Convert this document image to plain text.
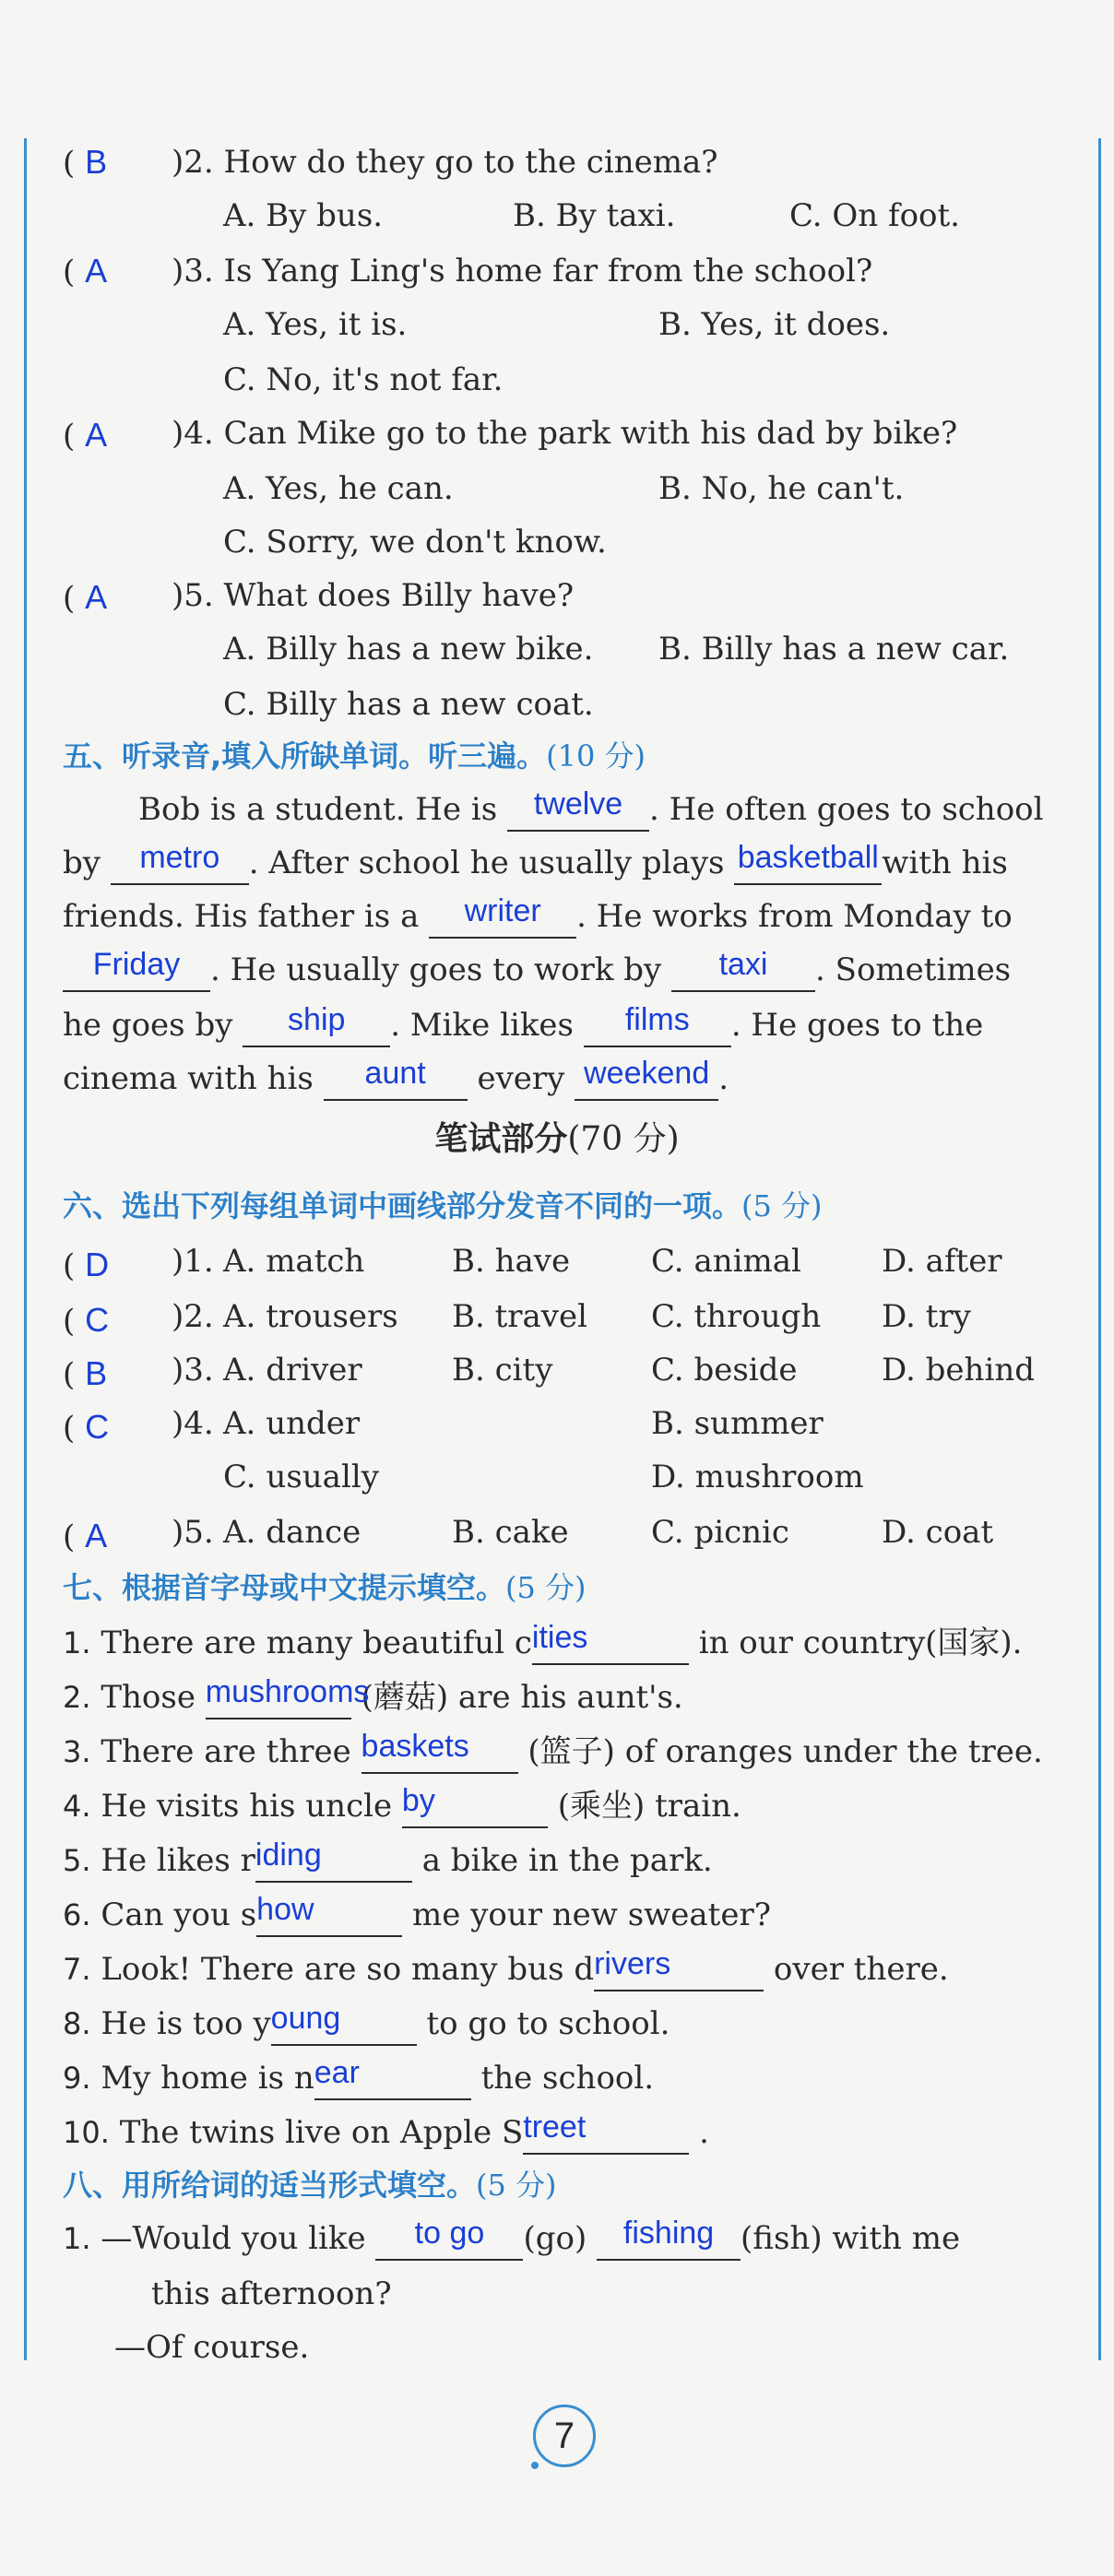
( B )2. How do they go to the cinema?
A. By bus.	B. By taxi.	C. On foot.
( A )3. Is Yang Ling's home far from the school?
A. Yes, it is.	B. Yes, it does.
C. No, it's not far.
( A )4. Can Mike go to the park with his dad by bike?
A. Yes, he can.	B. No, he can't.
C. Sorry, we don't know.
( A )5. What does Billy have?
A. Billy has a new bike. B. Billy has a new car.
C. Billy has a new coat.
五、听录音,填入所缺单词。听三遍。(10 分)
Bob is a student. He is twelve . He often goes to school
by metro . After school he usually plays basketball with his
friends. His father is a writer . He works from Monday to
Friday . He usually goes to work by taxi . Sometimes
he goes by ship . Mike likes films . He goes to the
cinema with his aunt every weekend .
笔试部分(70 分)
六、选出下列每组单词中画线部分发音不同的一项。(5 分)
( D )1. A. match	B. have	C. animal	D. after
( C )2. A. trousers B. travel C. through D. try
( B )3. A. driver	B. city	C. beside	D. behind
( C )4. A. under	B. summer
C. usually	D. mushroom
( A )5. A. dance	B. cake	C. picnic	D. coat
七、根据首字母或中文提示填空。(5 分)
1. There are many beautiful cities	in our country(国家).
2. Those mushrooms (蘑菇) are his aunt's.
3. There are three baskets (篮子) of oranges under the tree.
4. He visits his uncle by	(乘坐) train.
5. He likes riding	a bike in the park.
6. Can you show	me your new sweater?
7. Look! There are so many bus drivers	over there.
8. He is too young	to go to school.
9. My home is near	the school.
10. The twins live on Apple Street	.
八、用所给词的适当形式填空。(5 分)
1. —Would you like to go (go) fishing (fish) with me
this afternoon?
—Of course.
7
